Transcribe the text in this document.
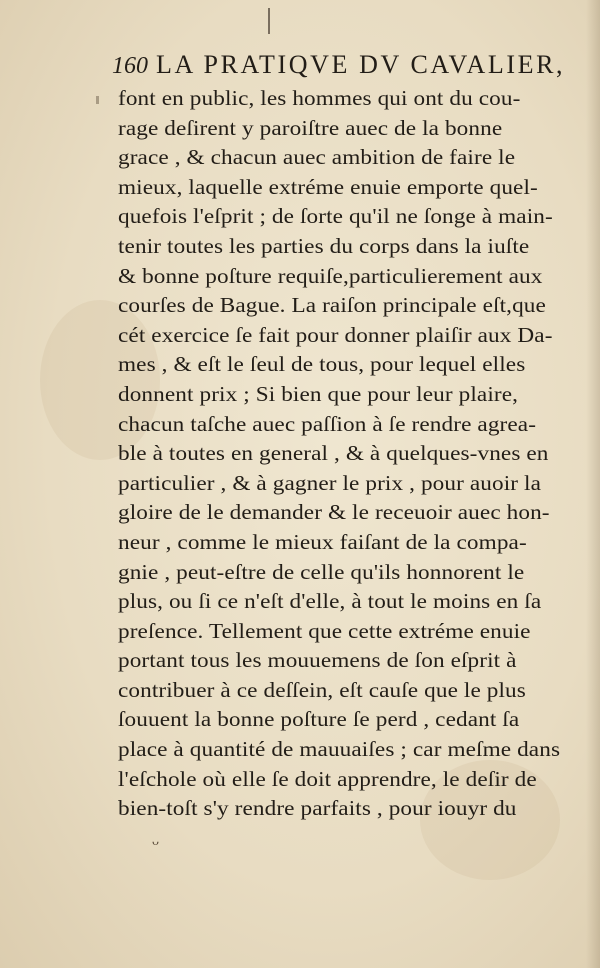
160 LA PRATIQVE DV CAVALIER,
font en public, les hommes qui ont du cou-
rage deſirent y paroiſtre auec de la bonne
grace , & chacun auec ambition de faire le
mieux, laquelle extréme enuie emporte quel-
quefois l'eſprit ; de ſorte qu'il ne ſonge à main-
tenir toutes les parties du corps dans la iuſte
& bonne poſture requiſe,particulierement aux
courſes de Bague. La raiſon principale eſt,que
cét exercice ſe fait pour donner plaiſir aux Da-
mes , & eſt le ſeul de tous, pour lequel elles
donnent prix ; Si bien que pour leur plaire,
chacun taſche auec paſſion à ſe rendre agrea-
ble à toutes en general , & à quelques-vnes en
particulier , & à gagner le prix , pour auoir la
gloire de le demander & le receuoir auec hon-
neur , comme le mieux faiſant de la compa-
gnie , peut-eſtre de celle qu'ils honnorent le
plus, ou ſi ce n'eſt d'elle, à tout le moins en ſa
preſence. Tellement que cette extréme enuie
portant tous les mouuemens de ſon eſprit à
contribuer à ce deſſein, eſt cauſe que le plus
ſouuent la bonne poſture ſe perd , cedant ſa
place à quantité de mauuaiſes ; car meſme dans
l'eſchole où elle ſe doit apprendre, le deſir de
bien-toſt s'y rendre parfaits , pour iouyr du
ᴗ
